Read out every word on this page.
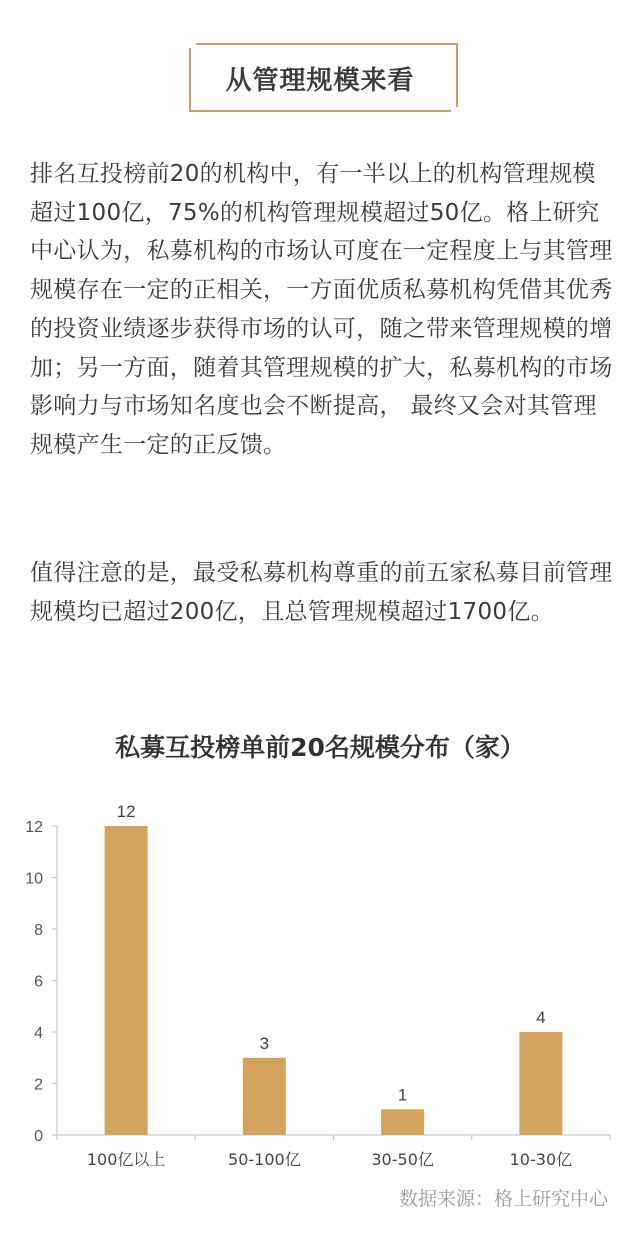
从管理规模来看

排名互投榜前20的机构中，有一半以上的机构管理规模超过100亿，75%的机构管理规模超过50亿。格上研究中心认为，私募机构的市场认可度在一定程度上与其管理规模存在一定的正相关，一方面优质私募机构凭借其优秀的投资业绩逐步获得市场的认可，随之带来管理规模的增加；另一方面，随着其管理规模的扩大，私募机构的市场影响力与市场知名度也会不断提高， 最终又会对其管理规模产生一定的正反馈。

值得注意的是，最受私募机构尊重的前五家私募目前管理规模均已超过200亿，且总管理规模超过1700亿。

私募互投榜单前20名规模分布（家）
0
2
4
6
8
10
12
12
100亿以上
3
50-100亿
1
30-50亿
4
10-30亿
数据来源：格上研究中心
